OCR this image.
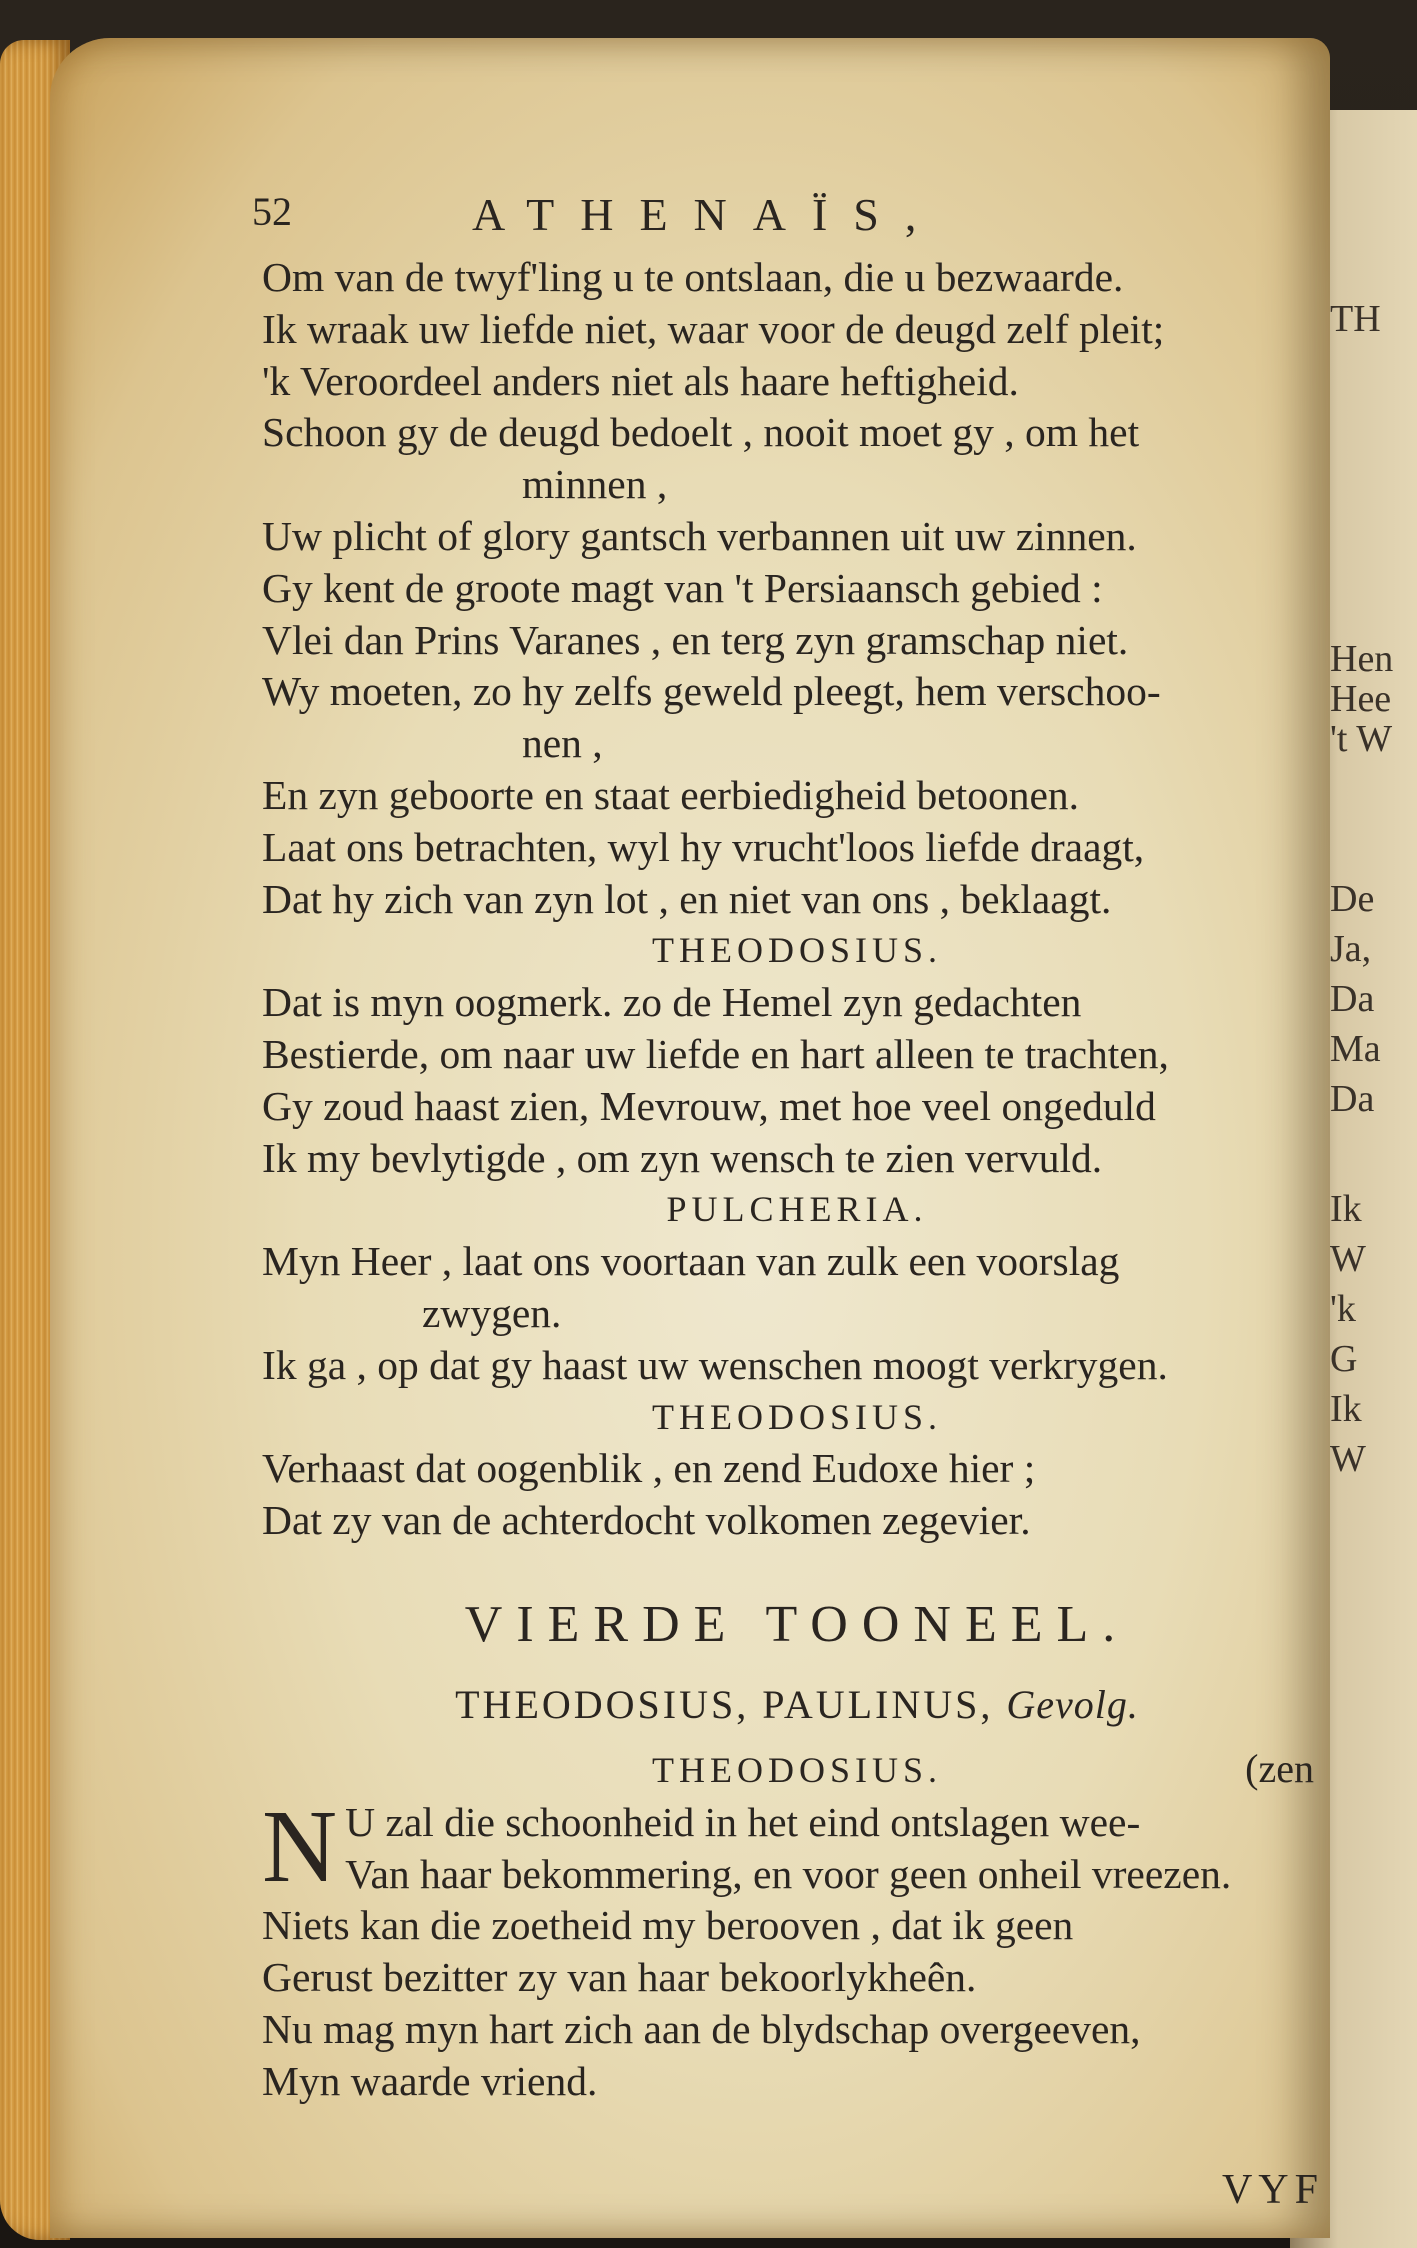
TH
Hen
Hee
't W
De
Ja,
Da
Ma
Da
Ik
W
'k
G
Ik
W
52	ATHENAÏS,
Om van de twyf'ling u te ontslaan, die u bezwaarde.
Ik wraak uw liefde niet, waar voor de deugd zelf pleit;
'k Veroordeel anders niet als haare heftigheid.
Schoon gy de deugd bedoelt , nooit moet gy , om het
minnen ,
Uw plicht of glory gantsch verbannen uit uw zinnen.
Gy kent de groote magt van 't Persiaansch gebied :
Vlei dan Prins Varanes , en terg zyn gramschap niet.
Wy moeten, zo hy zelfs geweld pleegt, hem verschoo-
nen ,
En zyn geboorte en staat eerbiedigheid betoonen.
Laat ons betrachten, wyl hy vrucht'loos liefde draagt,
Dat hy zich van zyn lot , en niet van ons , beklaagt.
THEODOSIUS.
Dat is myn oogmerk. zo de Hemel zyn gedachten
Bestierde, om naar uw liefde en hart alleen te trachten,
Gy zoud haast zien, Mevrouw, met hoe veel ongeduld
Ik my bevlytigde , om zyn wensch te zien vervuld.
PULCHERIA.
Myn Heer , laat ons voortaan van zulk een voorslag
zwygen.
Ik ga , op dat gy haast uw wenschen moogt verkrygen.
THEODOSIUS.
Verhaast dat oogenblik , en zend Eudoxe hier ;
Dat zy van de achterdocht volkomen zegevier.
VIERDE TOONEEL.
THEODOSIUS, PAULINUS, Gevolg.
THEODOSIUS.	(zen
N U zal die schoonheid in het eind ontslagen wee-
Van haar bekommering, en voor geen onheil vreezen.
Niets kan die zoetheid my berooven , dat ik geen
Gerust bezitter zy van haar bekoorlykheên.
Nu mag myn hart zich aan de blydschap overgeeven,
Myn waarde vriend.
VYF
